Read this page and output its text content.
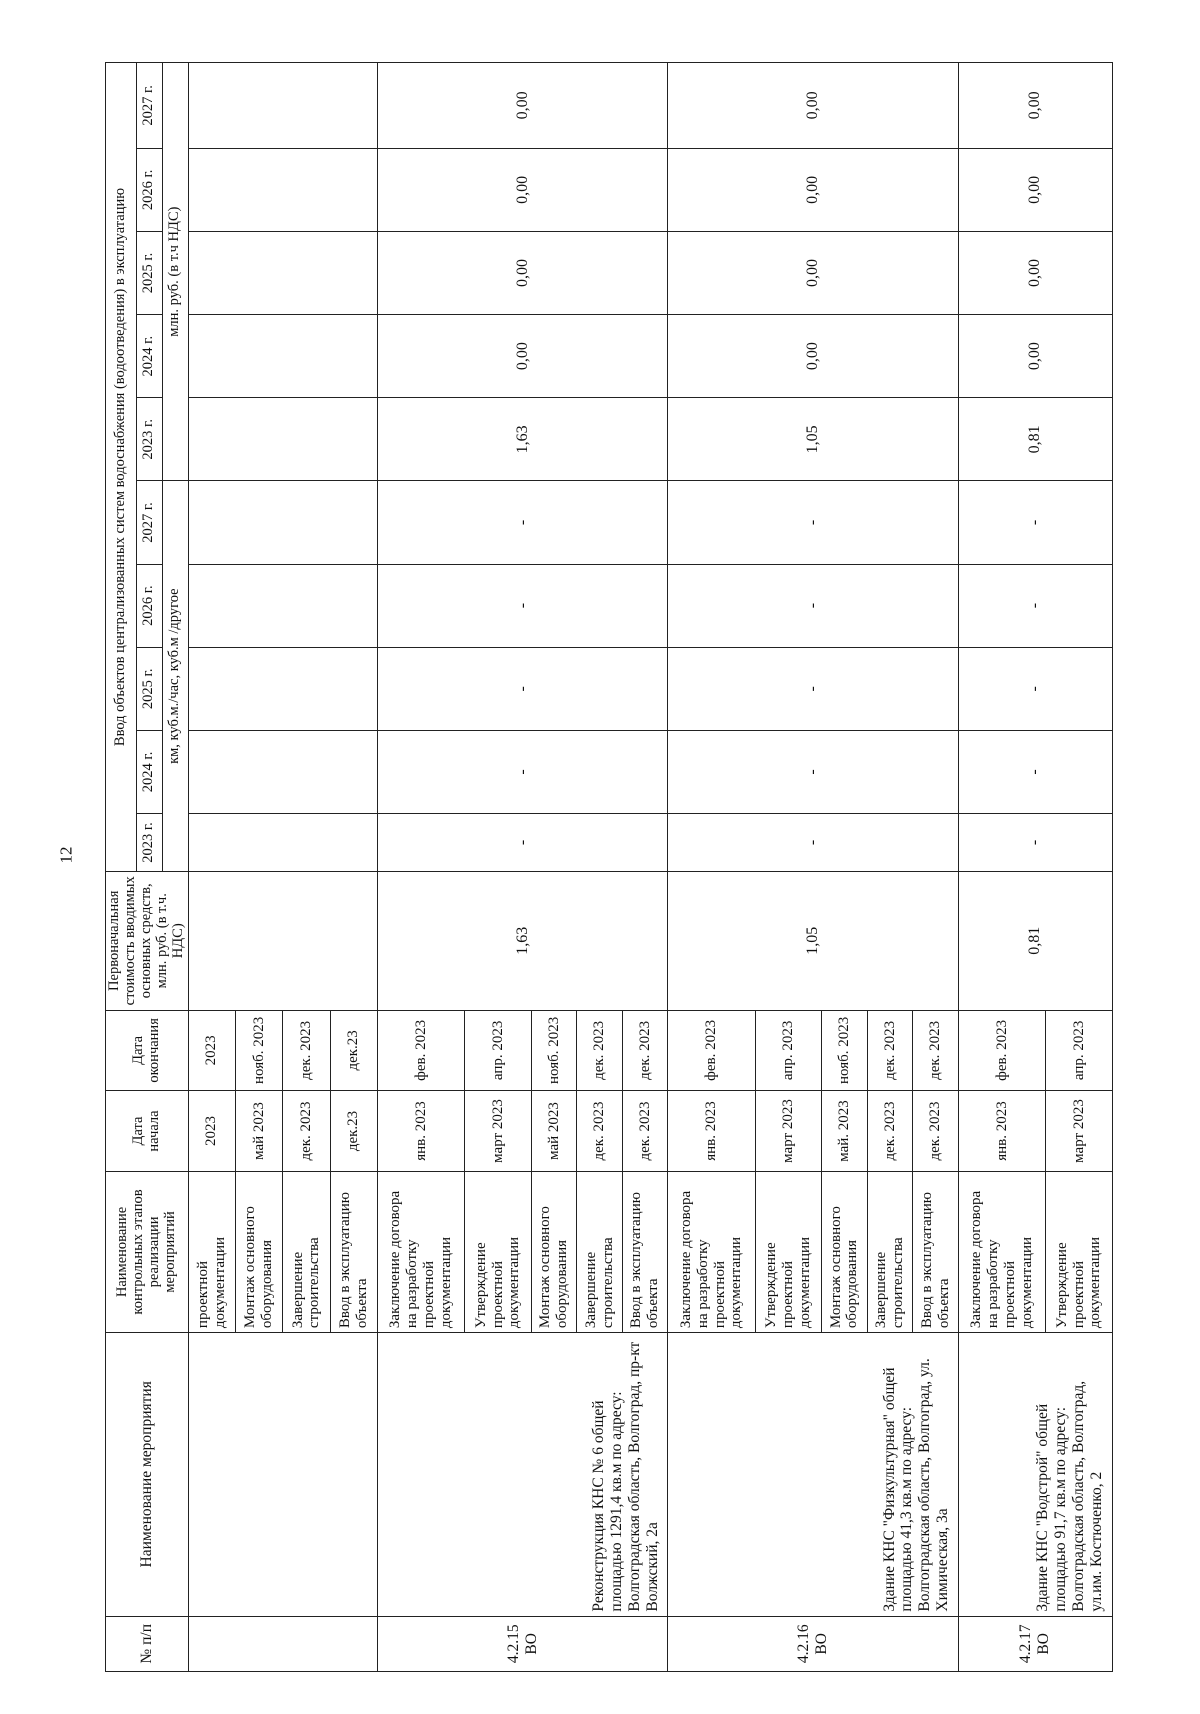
12
№ п/п	Наименование мероприятия	Наименование контрольных этапов реализации мероприятий	Дата начала	Дата окончания	Первоначальная стоимость вводимых основных средств, млн. руб. (в т.ч. НДС)	Ввод объектов централизованных систем водоснабжения (водоотведения) в эксплуатацию									
						2023 г.	2024 г.	2025 г.	2026 г.	2027 г.	2023 г.	2024 г.	2025 г.	2026 г.	2027 г.
						км, куб.м./час, куб.м /другое					млн. руб. (в т.ч НДС)				
		проектной документации	2023	2023											
		Монтаж основного оборудования	май 2023	нояб. 2023											
		Завершение строительства	дек. 2023	дек. 2023											
		Ввод в эксплуатацию объекта	дек.23	дек.23											
4.2.15 ВО	Реконструкция КНС № 6 общей площадью 1291,4 кв.м по адресу: Волгоградская область, Волгоград, пр-кт Волжский, 2а	Заключение договора на разработку проектной документации	янв. 2023	фев. 2023	1,63	-	-	-	-	-	1,63	0,00	0,00	0,00	0,00
		Утверждение проектной документации	март 2023	апр. 2023											
		Монтаж основного оборудования	май 2023	нояб. 2023											
		Завершение строительства	дек. 2023	дек. 2023											
		Ввод в эксплуатацию объекта	дек. 2023	дек. 2023											
4.2.16 ВО	Здание КНС "Физкультурная" общей площадью 41,3 кв.м по адресу: Волгоградская область, Волгоград, ул. Химическая, 3а	Заключение договора на разработку проектной документации	янв. 2023	фев. 2023	1,05	-	-	-	-	-	1,05	0,00	0,00	0,00	0,00
		Утверждение проектной документации	март 2023	апр. 2023											
		Монтаж основного оборудования	май. 2023	нояб. 2023											
		Завершение строительства	дек. 2023	дек. 2023											
		Ввод в эксплуатацию объекта	дек. 2023	дек. 2023											
4.2.17 ВО	Здание КНС "Водстрой" общей площадью 91,7 кв.м по адресу: Волгоградская область, Волгоград, ул.им. Костюченко, 2	Заключение договора на разработку проектной документации	янв. 2023	фев. 2023	0,81	-	-	-	-	-	0,81	0,00	0,00	0,00	0,00
		Утверждение проектной документации	март 2023	апр. 2023											
